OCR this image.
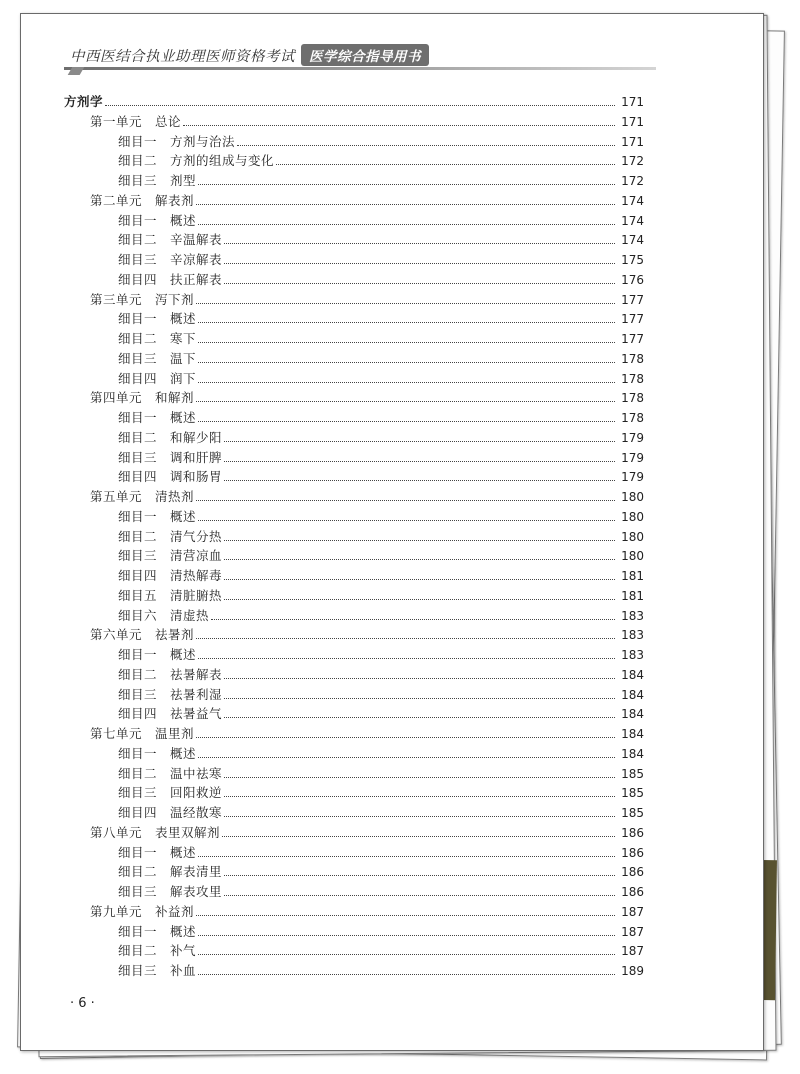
中西医结合执业助理医师资格考试	医学综合指导用书
方剂学	171
第一单元　总论	171
细目一　方剂与治法	171
细目二　方剂的组成与变化	172
细目三　剂型	172
第二单元　解表剂	174
细目一　概述	174
细目二　辛温解表	174
细目三　辛凉解表	175
细目四　扶正解表	176
第三单元　泻下剂	177
细目一　概述	177
细目二　寒下	177
细目三　温下	178
细目四　润下	178
第四单元　和解剂	178
细目一　概述	178
细目二　和解少阳	179
细目三　调和肝脾	179
细目四　调和肠胃	179
第五单元　清热剂	180
细目一　概述	180
细目二　清气分热	180
细目三　清营凉血	180
细目四　清热解毒	181
细目五　清脏腑热	181
细目六　清虚热	183
第六单元　祛暑剂	183
细目一　概述	183
细目二　祛暑解表	184
细目三　祛暑利湿	184
细目四　祛暑益气	184
第七单元　温里剂	184
细目一　概述	184
细目二　温中祛寒	185
细目三　回阳救逆	185
细目四　温经散寒	185
第八单元　表里双解剂	186
细目一　概述	186
细目二　解表清里	186
细目三　解表攻里	186
第九单元　补益剂	187
细目一　概述	187
细目二　补气	187
细目三　补血	189
· 6 ·
